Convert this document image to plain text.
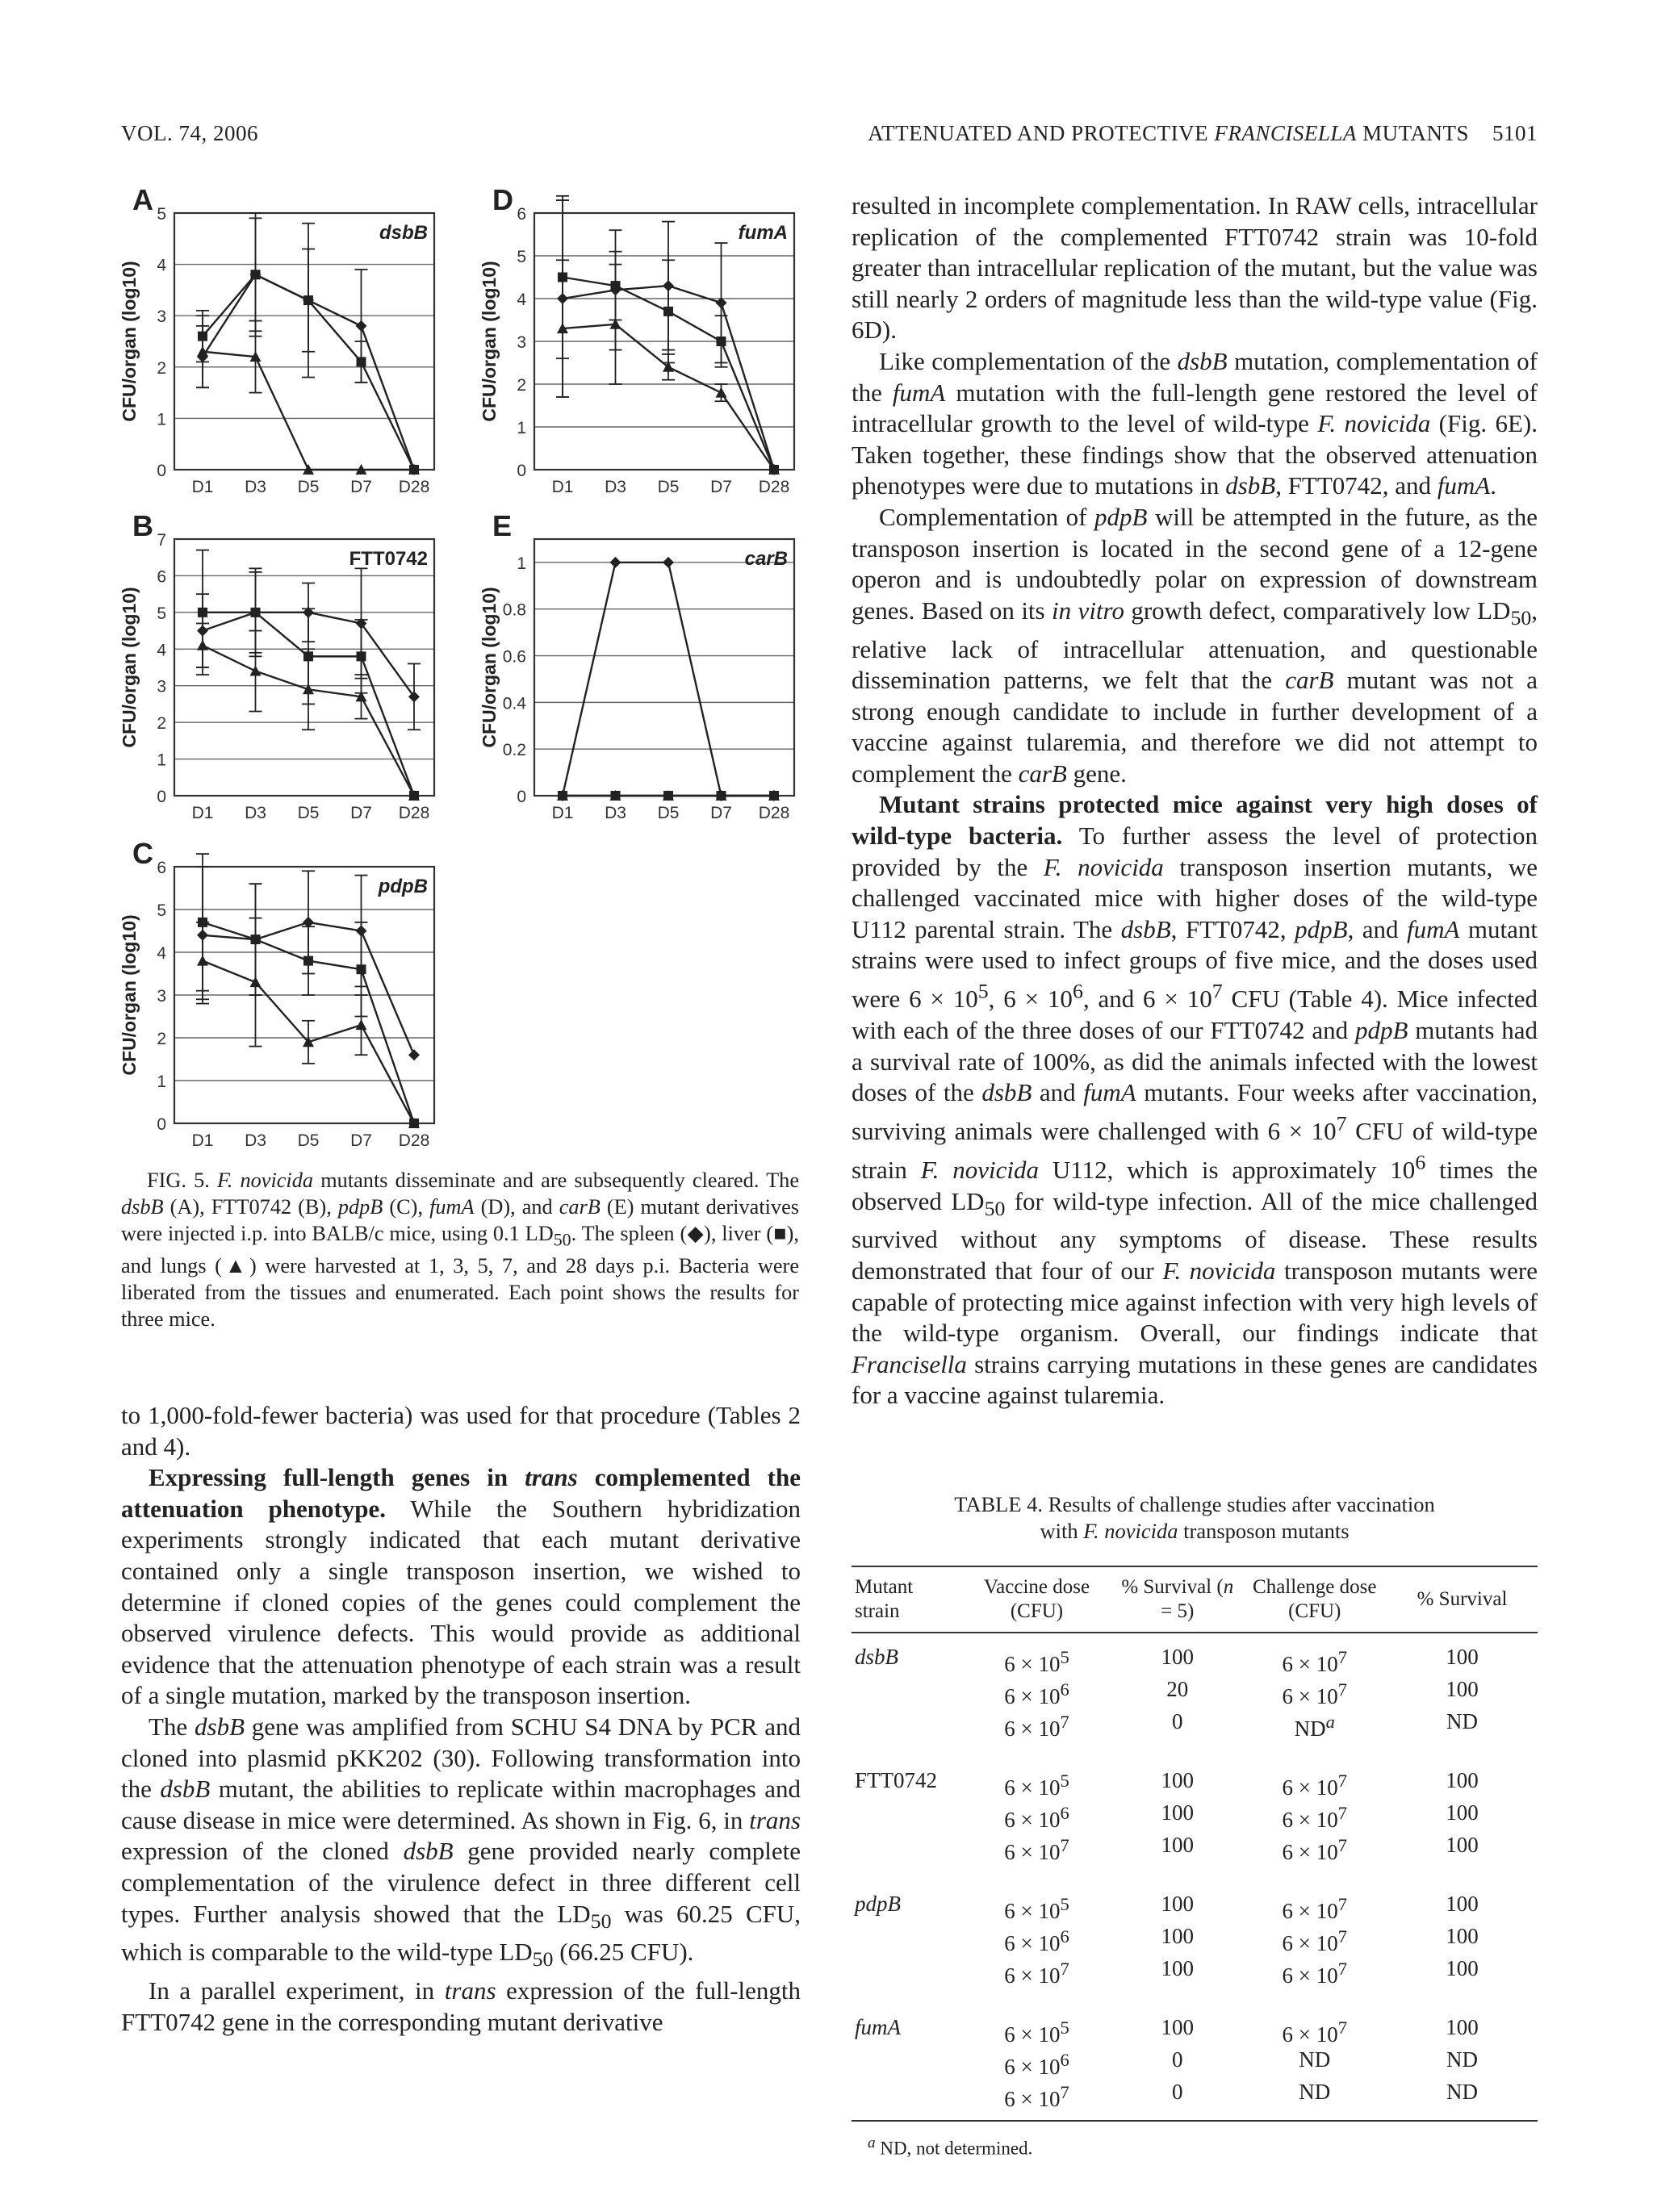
VOL. 74, 2006	ATTENUATED AND PROTECTIVE FRANCISELLA MUTANTS 5101
0
1
2
3
4
5
D1 D3 D5 D7 D28
A
dsbB
CFU/organ (log10)
0
1
2
3
4
5
6
7
D1 D3 D5 D7 D28
B
FTT0742
CFU/organ (log10)
0
1
2
3
4
5
6
D1 D3 D5 D7 D28
C
pdpB
CFU/organ (log10)
0
1
2
3
4
5
6
D1 D3 D5 D7 D28
D
fumA
CFU/organ (log10)
0
0.2
0.4
0.6
0.8
1
D1 D3 D5 D7 D28
E
carB
CFU/organ (log10)

FIG. 5. F. novicida mutants disseminate and are subsequently cleared. The dsbB (A), FTT0742 (B), pdpB (C), fumA (D), and carB (E) mutant derivatives were injected i.p. into BALB/c mice, using 0.1 $LD_{50}$. The spleen (◆), liver (■), and lungs (▲) were harvested at 1, 3, 5, 7, and 28 days p.i. Bacteria were liberated from the tissues and enumerated. Each point shows the results for three mice.

to 1,000-fold-fewer bacteria) was used for that procedure (Tables 2 and 4).

Expressing full-length genes in trans complemented the attenuation phenotype. While the Southern hybridization experiments strongly indicated that each mutant derivative contained only a single transposon insertion, we wished to determine if cloned copies of the genes could complement the observed virulence defects. This would provide as additional evidence that the attenuation phenotype of each strain was a result of a single mutation, marked by the transposon insertion.

The dsbB gene was amplified from SCHU S4 DNA by PCR and cloned into plasmid pKK202 (30). Following transformation into the dsbB mutant, the abilities to replicate within macrophages and cause disease in mice were determined. As shown in Fig. 6, in trans expression of the cloned dsbB gene provided nearly complete complementation of the virulence defect in three different cell types. Further analysis showed that the $LD_{50}$ was 60.25 CFU, which is comparable to the wild-type $LD_{50}$ (66.25 CFU).

In a parallel experiment, in trans expression of the full-length FTT0742 gene in the corresponding mutant derivative

resulted in incomplete complementation. In RAW cells, intracellular replication of the complemented FTT0742 strain was 10-fold greater than intracellular replication of the mutant, but the value was still nearly 2 orders of magnitude less than the wild-type value (Fig. 6D).

Like complementation of the dsbB mutation, complementation of the fumA mutation with the full-length gene restored the level of intracellular growth to the level of wild-type F. novicida (Fig. 6E). Taken together, these findings show that the observed attenuation phenotypes were due to mutations in dsbB, FTT0742, and fumA.

Complementation of pdpB will be attempted in the future, as the transposon insertion is located in the second gene of a 12-gene operon and is undoubtedly polar on expression of downstream genes. Based on its in vitro growth defect, comparatively low $LD_{50}$, relative lack of intracellular attenuation, and questionable dissemination patterns, we felt that the carB mutant was not a strong enough candidate to include in further development of a vaccine against tularemia, and therefore we did not attempt to complement the carB gene.

Mutant strains protected mice against very high doses of wild-type bacteria. To further assess the level of protection provided by the F. novicida transposon insertion mutants, we challenged vaccinated mice with higher doses of the wild-type U112 parental strain. The dsbB, FTT0742, pdpB, and fumA mutant strains were used to infect groups of five mice, and the doses used were $6 \times 10^5$, $6 \times 10^6$, and $6 \times 10^7$ CFU (Table 4). Mice infected with each of the three doses of our FTT0742 and pdpB mutants had a survival rate of 100%, as did the animals infected with the lowest doses of the dsbB and fumA mutants. Four weeks after vaccination, surviving animals were challenged with $6 \times 10^7$ CFU of wild-type strain F. novicida U112, which is approximately $10^6$ times the observed $LD_{50}$ for wild-type infection. All of the mice challenged survived without any symptoms of disease. These results demonstrated that four of our F. novicida transposon mutants were capable of protecting mice against infection with very high levels of the wild-type organism. Overall, our findings indicate that Francisella strains carrying mutations in these genes are candidates for a vaccine against tularemia.

TABLE 4. Results of challenge studies after vaccination
with F. novicida transposon mutants
Mutant strain	Vaccine dose (CFU)	% Survival (n = 5)	Challenge dose (CFU)	% Survival
dsbB	$6 \times 10^5$	100	$6 \times 10^7$	100
	$6 \times 10^6$	20	$6 \times 10^7$	100
	$6 \times 10^7$	0	$ND^a$	ND

FTT0742	$6 \times 10^5$	100	$6 \times 10^7$	100
	$6 \times 10^6$	100	$6 \times 10^7$	100
	$6 \times 10^7$	100	$6 \times 10^7$	100

pdpB	$6 \times 10^5$	100	$6 \times 10^7$	100
	$6 \times 10^6$	100	$6 \times 10^7$	100
	$6 \times 10^7$	100	$6 \times 10^7$	100

fumA	$6 \times 10^5$	100	$6 \times 10^7$	100
	$6 \times 10^6$	0	ND	ND
	$6 \times 10^7$	0	ND	ND
$^a$ ND, not determined.
